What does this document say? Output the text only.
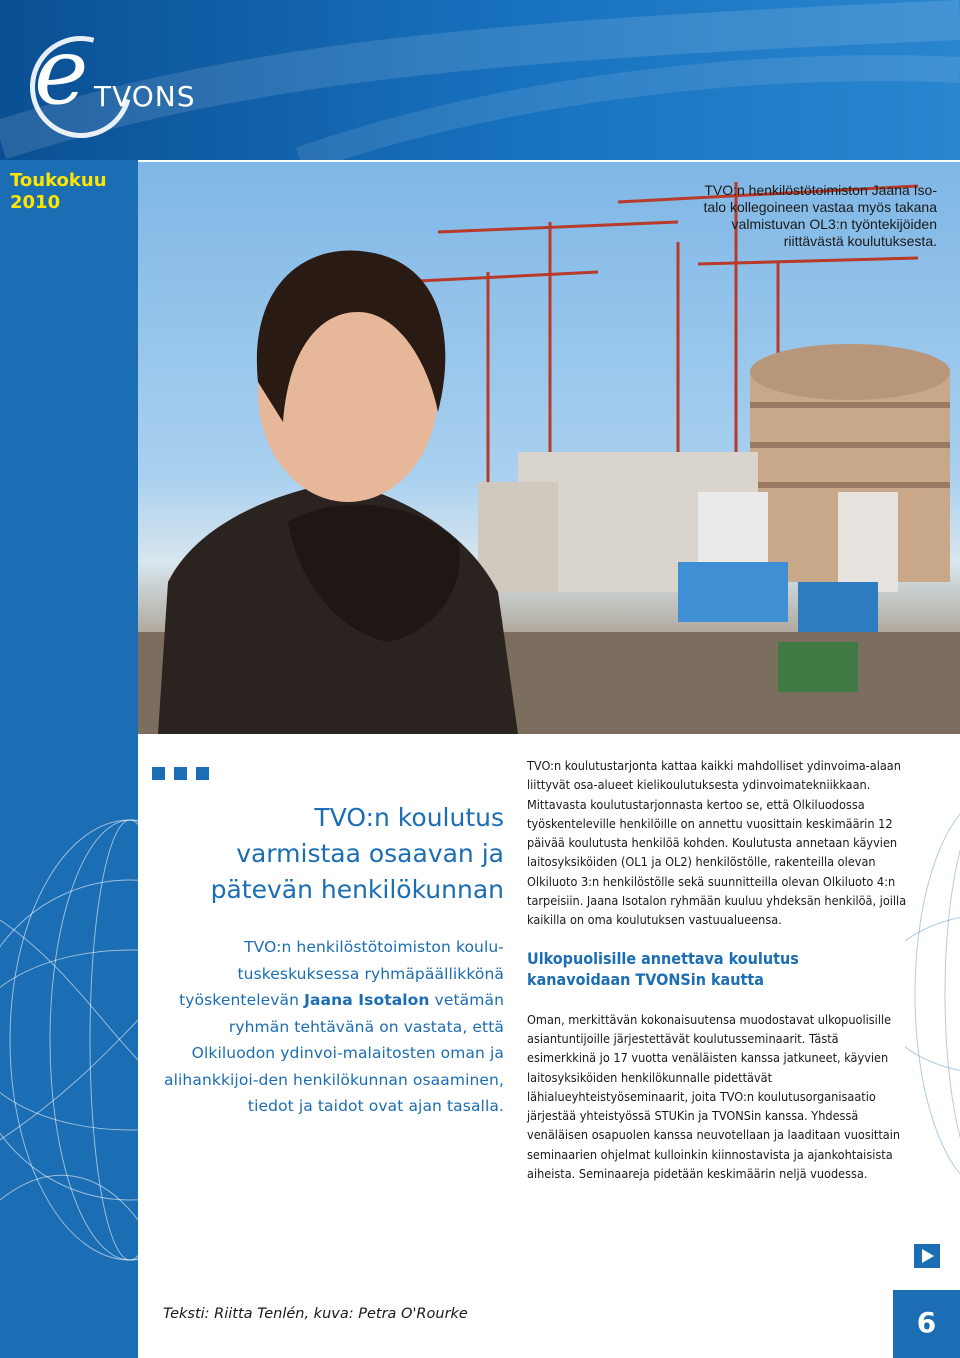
e TVONS
Toukokuu
2010
TVO:n henkilöstötoimiston Jaana Iso-
talo kollegoineen vastaa myös takana
valmistuvan OL3:n työntekijöiden
riittävästä koulutuksesta.
TVO:n koulutus
varmistaa osaavan ja
pätevän henkilökunnan
TVO:n henkilöstötoimiston koulu-tuskeskuksessa ryhmäpäällikkönä työskentelevän Jaana Isotalon vetämän ryhmän tehtävänä on vastata, että Olkiluodon ydinvoi-malaitosten oman ja alihankkijoi-den henkilökunnan osaaminen, tiedot ja taidot ovat ajan tasalla.

TVO:n koulutustarjonta kattaa kaikki mahdolliset ydinvoima-alaan liittyvät osa-alueet kielikoulutuksesta ydinvoimatekniikkaan. Mittavasta koulutustarjonnasta kertoo se, että Olkiluodossa työskenteleville henkilöille on annettu vuosittain keskimäärin 12 päivää koulutusta henkilöä kohden. Koulutusta annetaan käyvien laitosyksiköiden (OL1 ja OL2) henkilöstölle, rakenteilla olevan Olkiluoto 3:n henkilöstölle sekä suunnitteilla olevan Olkiluoto 4:n tarpeisiin. Jaana Isotalon ryhmään kuuluu yhdeksän henkilöä, joilla kaikilla on oma koulutuksen vastuualueensa.

Ulkopuolisille annettava koulutus kanavoidaan TVONSin kautta

Oman, merkittävän kokonaisuutensa muodostavat ulkopuolisille asiantuntijoille järjestettävät koulutusseminaarit. Tästä esimerkkinä jo 17 vuotta venäläisten kanssa jatkuneet, käyvien laitosyksiköiden henkilökunnalle pidettävät lähialueyhteistyöseminaarit, joita TVO:n koulutusorganisaatio järjestää yhteistyössä STUKin ja TVONSin kanssa. Yhdessä venäläisen osapuolen kanssa neuvotellaan ja laaditaan vuosittain seminaarien ohjelmat kulloinkin kiinnostavista ja ajankohtaisista aiheista. Seminaareja pidetään keskimäärin neljä vuodessa.

Teksti: Riitta Tenlén, kuva: Petra O'Rourke	6
